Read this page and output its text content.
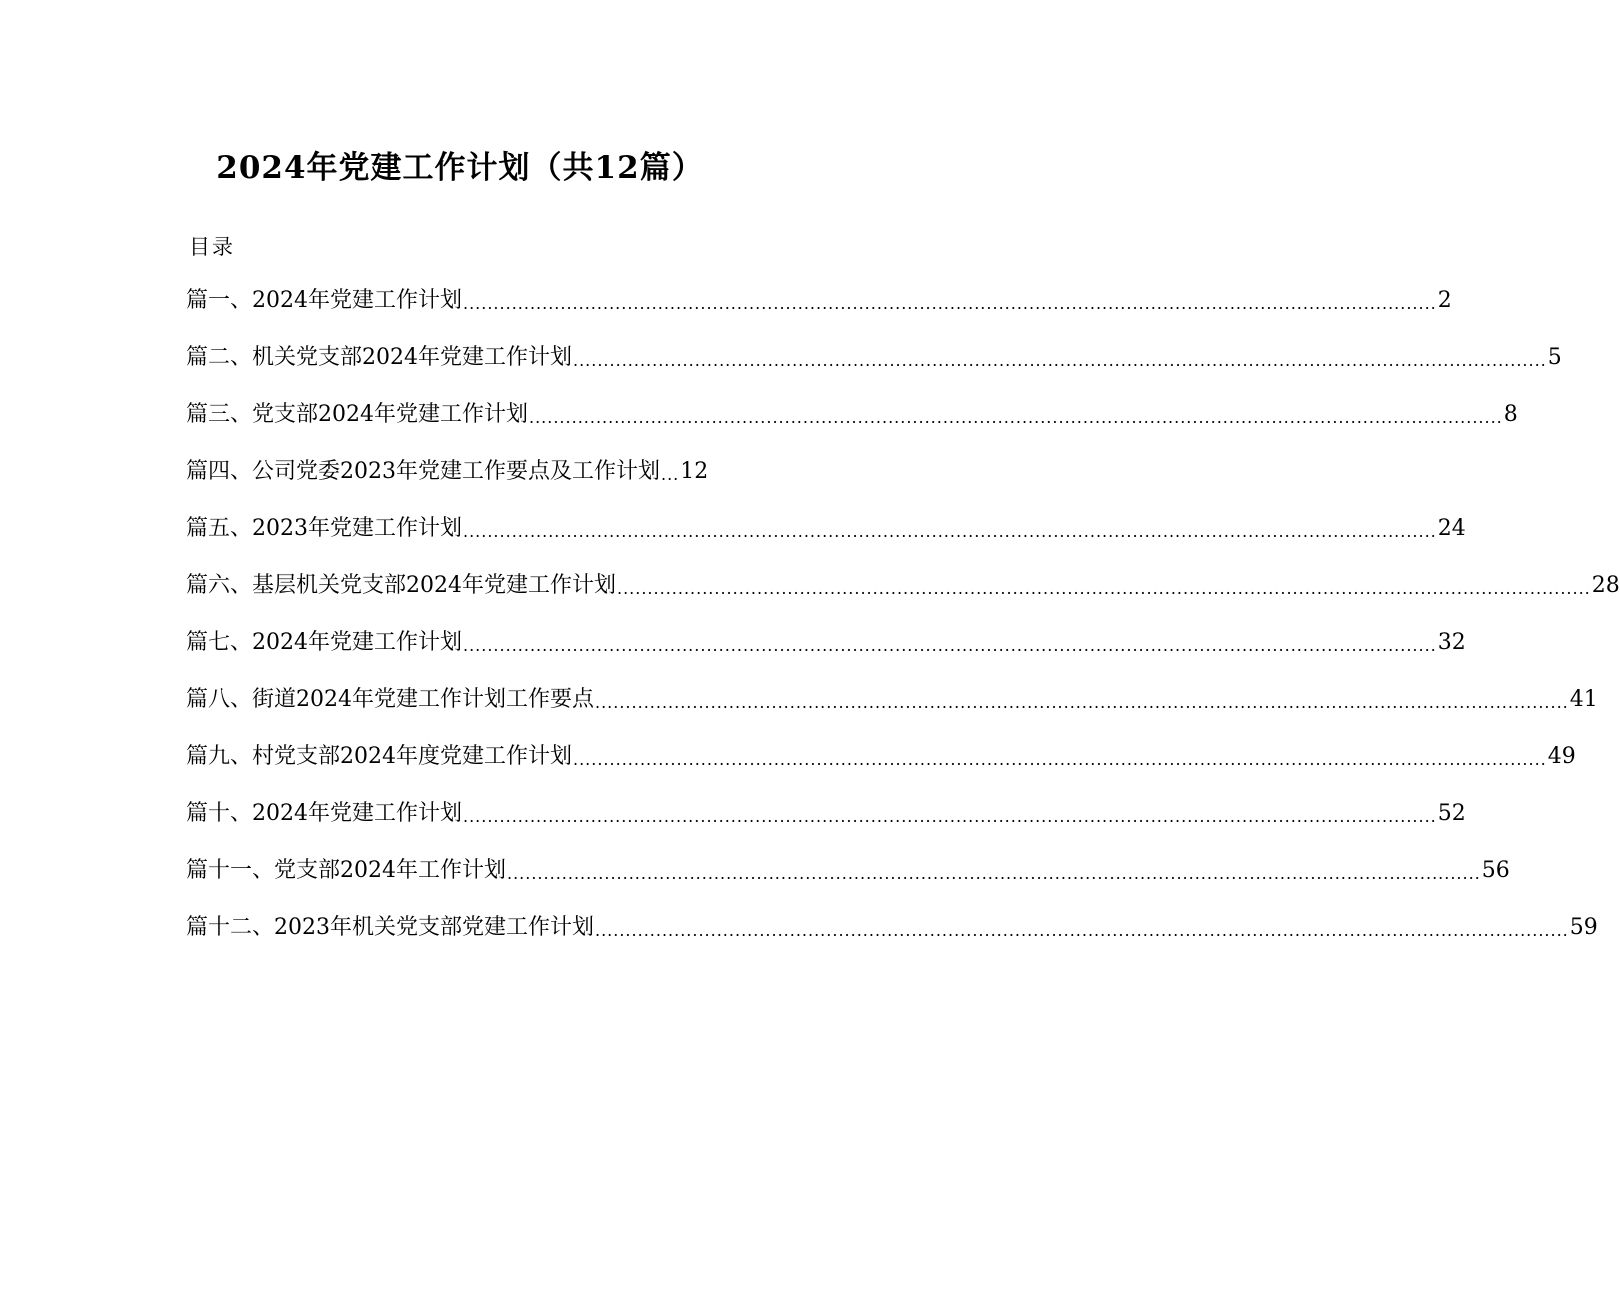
2024年党建工作计划（共12篇）
目录
篇一、2024年党建工作计划 ................................................................................................................................................................ 2
篇二、机关党支部2024年党建工作计划 ................................................................................................................................................................ 5
篇三、党支部2024年党建工作计划 ................................................................................................................................................................ 8
篇四、公司党委2023年党建工作要点及工作计划 ... 12
篇五、2023年党建工作计划 ................................................................................................................................................................ 24
篇六、基层机关党支部2024年党建工作计划 ................................................................................................................................................................ 28
篇七、2024年党建工作计划 ................................................................................................................................................................ 32
篇八、街道2024年党建工作计划工作要点 ................................................................................................................................................................ 41
篇九、村党支部2024年度党建工作计划 ................................................................................................................................................................ 49
篇十、2024年党建工作计划 ................................................................................................................................................................ 52
篇十一、党支部2024年工作计划 ................................................................................................................................................................ 56
篇十二、2023年机关党支部党建工作计划 ................................................................................................................................................................ 59
